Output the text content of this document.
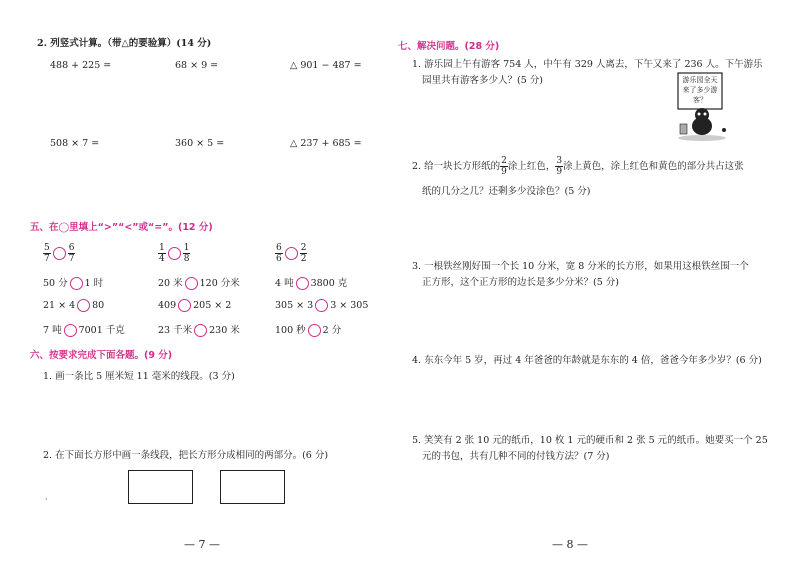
2. 列竖式计算。（带△的要验算）(14 分)
488 + 225 =	68 × 9 =	△ 901 − 487 =
508 × 7 =	360 × 5 =	△ 237 + 685 =
五、在◯里填上“>”“<”或“=”。(12 分)
$\frac{5}{7} \frac{6}{7}$	$\frac{1}{4} \frac{1}{8}$	$\frac{6}{6} \frac{2}{2}$
50 分 1 时	20 米 120 分米	4 吨 3800 克
21 × 4 80	409 205 × 2	305 × 3 3 × 305
7 吨 7001 千克	23 千米 230 米	100 秒 2 分
六、按要求完成下面各题。(9 分)
1. 画一条比 5 厘米短 11 毫米的线段。(3 分)
2. 在下面长方形中画一条线段，把长方形分成相同的两部分。(6 分)
·
— 7 —
七、解决问题。(28 分)
1. 游乐园上午有游客 754 人，中午有 329 人离去，下午又来了 236 人。下午游乐
园里共有游客多少人？(5 分)	游乐园全天来了多少游客？
2. 给一块长方形纸的 $\frac{2}{9}$ 涂上红色， $\frac{3}{9}$ 涂上黄色，涂上红色和黄色的部分共占这张
纸的几分之几？还剩多少没涂色？(5 分)
3. 一根铁丝刚好围一个长 10 分米，宽 8 分米的长方形，如果用这根铁丝围一个
正方形，这个正方形的边长是多少分米？(5 分)
4. 东东今年 5 岁，再过 4 年爸爸的年龄就是东东的 4 倍，爸爸今年多少岁？(6 分)
5. 笑笑有 2 张 10 元的纸币，10 枚 1 元的硬币和 2 张 5 元的纸币。她要买一个 25
元的书包，共有几种不同的付钱方法？(7 分)
— 8 —
